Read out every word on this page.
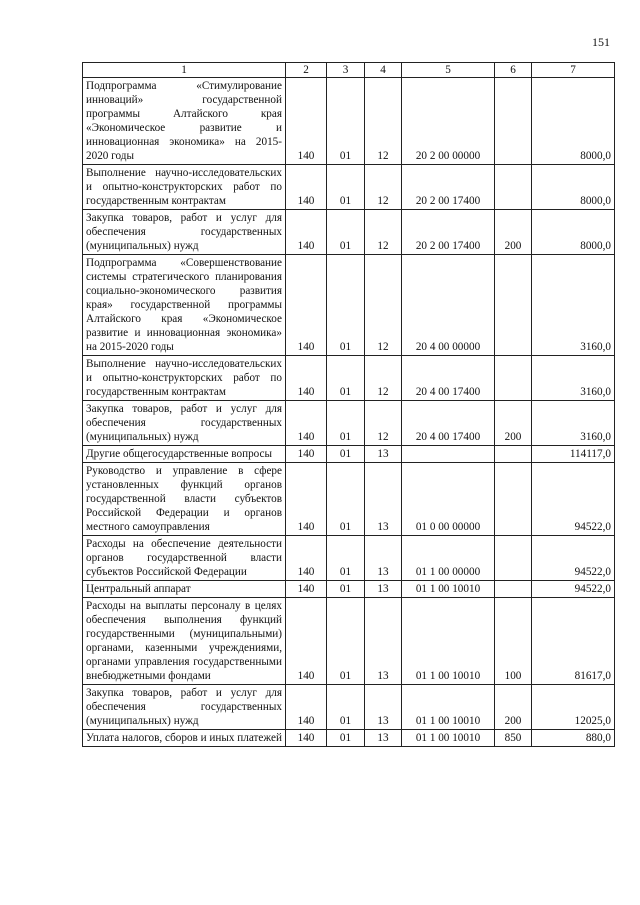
151
1	2	3	4	5	6	7
Подпрограмма «Стимулирование инноваций» государственной программы Алтайского края «Экономическое развитие и инновационная экономика» на 2015-2020 годы	140	01	12	20 2 00 00000		8000,0
Выполнение научно-исследовательских и опытно-конструкторских работ по государственным контрактам	140	01	12	20 2 00 17400		8000,0
Закупка товаров, работ и услуг для обеспечения государственных (муниципальных) нужд	140	01	12	20 2 00 17400	200	8000,0
Подпрограмма «Совершенствование системы стратегического планирования социально-экономического развития края» государственной программы Алтайского края «Экономическое развитие и инновационная экономика» на 2015-2020 годы	140	01	12	20 4 00 00000		3160,0
Выполнение научно-исследовательских и опытно-конструкторских работ по государственным контрактам	140	01	12	20 4 00 17400		3160,0
Закупка товаров, работ и услуг для обеспечения государственных (муниципальных) нужд	140	01	12	20 4 00 17400	200	3160,0
Другие общегосударственные вопросы	140	01	13			114117,0
Руководство и управление в сфере установленных функций органов государственной власти субъектов Российской Федерации и органов местного самоуправления	140	01	13	01 0 00 00000		94522,0
Расходы на обеспечение деятельности органов государственной власти субъектов Российской Федерации	140	01	13	01 1 00 00000		94522,0
Центральный аппарат	140	01	13	01 1 00 10010		94522,0
Расходы на выплаты персоналу в целях обеспечения выполнения функций государственными (муниципальными) органами, казенными учреждениями, органами управления государственными внебюджетными фондами	140	01	13	01 1 00 10010	100	81617,0
Закупка товаров, работ и услуг для обеспечения государственных (муниципальных) нужд	140	01	13	01 1 00 10010	200	12025,0
Уплата налогов, сборов и иных платежей	140	01	13	01 1 00 10010	850	880,0
